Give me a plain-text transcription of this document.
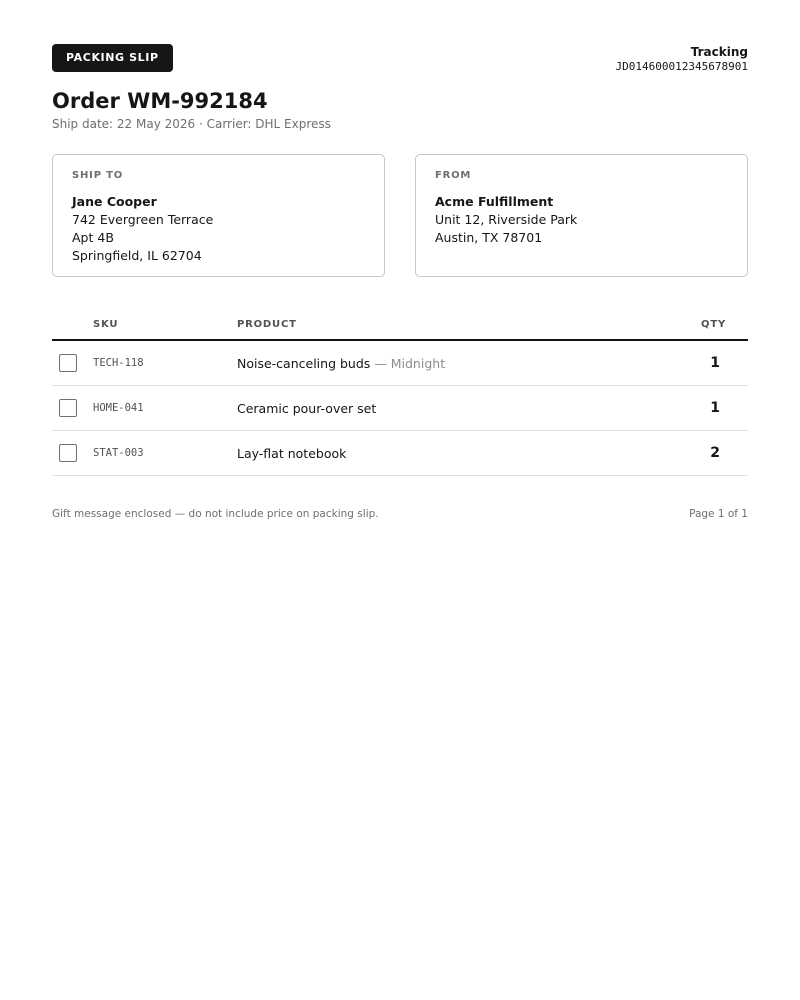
PACKING SLIP	Tracking
JD014600012345678901
Order WM-992184
Ship date: 22 May 2026 · Carrier: DHL Express
SHIP TO
Jane Cooper
742 Evergreen Terrace
Apt 4B
Springfield, IL 62704
FROM
Acme Fulfillment
Unit 12, Riverside Park
Austin, TX 78701
SKU	PRODUCT	QTY
TECH-118	Noise-canceling buds — Midnight	1
HOME-041	Ceramic pour-over set	1
STAT-003	Lay-flat notebook	2
Gift message enclosed — do not include price on packing slip.	Page 1 of 1
